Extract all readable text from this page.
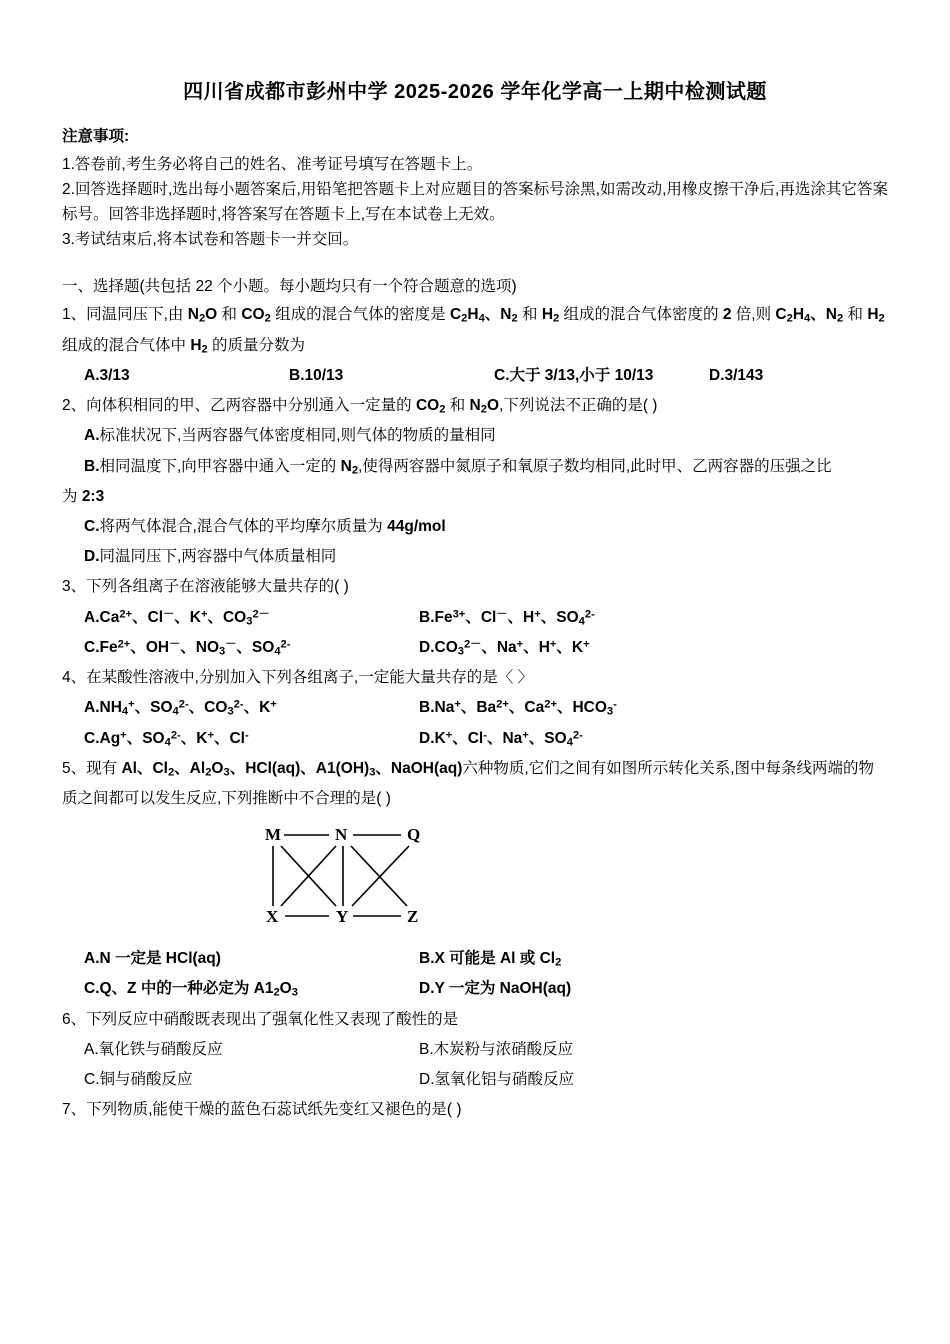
四川省成都市彭州中学 2025-2026 学年化学高一上期中检测试题

注意事项:

1.答卷前,考生务必将自己的姓名、准考证号填写在答题卡上。

2.回答选择题时,选出每小题答案后,用铅笔把答题卡上对应题目的答案标号涂黑,如需改动,用橡皮擦干净后,再选涂其它答案标号。回答非选择题时,将答案写在答题卡上,写在本试卷上无效。

3.考试结束后,将本试卷和答题卡一并交回。

一、选择题(共包括 22 个小题。每小题均只有一个符合题意的选项)

1、同温同压下,由 $N_2O$ 和 $CO_2$ 组成的混合气体的密度是 $C_2H_4$、$N_2$ 和 $H_2$ 组成的混合气体密度的 2 倍,则 $C_2H_4$、$N_2$ 和 $H_2$

组成的混合气体中 $H_2$ 的质量分数为

A.3/13	B.10/13	C.大于 3/13,小于 10/13	D.3/143

2、向体积相同的甲、乙两容器中分别通入一定量的 $CO_2$ 和 $N_2O$,下列说法不正确的是( )

A.标准状况下,当两容器气体密度相同,则气体的物质的量相同
B.相同温度下,向甲容器中通入一定的 $N_2$,使得两容器中氮原子和氧原子数均相同,此时甲、乙两容器的压强之比
为 2:3
C.将两气体混合,混合气体的平均摩尔质量为 44g/mol
D.同温同压下,两容器中气体质量相同

3、下列各组离子在溶液能够大量共存的( )

$A.Ca^{2+}$、Cl－、K+、$CO_3^{2-}$	$B.Fe^{3+}$、Cl－、H+、$SO_4^{2-}$
$C.Fe^{2+}$、OH－、$NO_3^-$、$SO_4^{2-}$	$D.CO_3^{2-}$、Na+、H+、K+

4、在某酸性溶液中,分别加入下列各组离子,一定能大量共存的是〈 〉

$A.NH_4^+$、$SO_4^{2-}$、$CO_3^{2-}$、K+	B.Na+、$Ba^{2+}$、$Ca^{2+}$、$HCO_3^-$
C.Ag+、$SO_4^{2-}$、K+、Cl-	D.K+、Cl-、Na+、$SO_4^{2-}$

5、现有 Al、$Cl_2$、$Al_2O_3$、HCl(aq)、$A1(OH)_3$、NaOH(aq)六种物质,它们之间有如图所示转化关系,图中每条线两端的物

质之间都可以发生反应,下列推断中不合理的是( )

M	N	Q
X	Y	Z
A.N 一定是 HCl(aq)	B.X 可能是 Al 或 $Cl_2$
C.Q、Z 中的一种必定为 $A1_2O_3$	D.Y 一定为 NaOH(aq)

6、下列反应中硝酸既表现出了强氧化性又表现了酸性的是

A.氧化铁与硝酸反应	B.木炭粉与浓硝酸反应
C.铜与硝酸反应	D.氢氧化铝与硝酸反应

7、下列物质,能使干燥的蓝色石蕊试纸先变红又褪色的是( )
